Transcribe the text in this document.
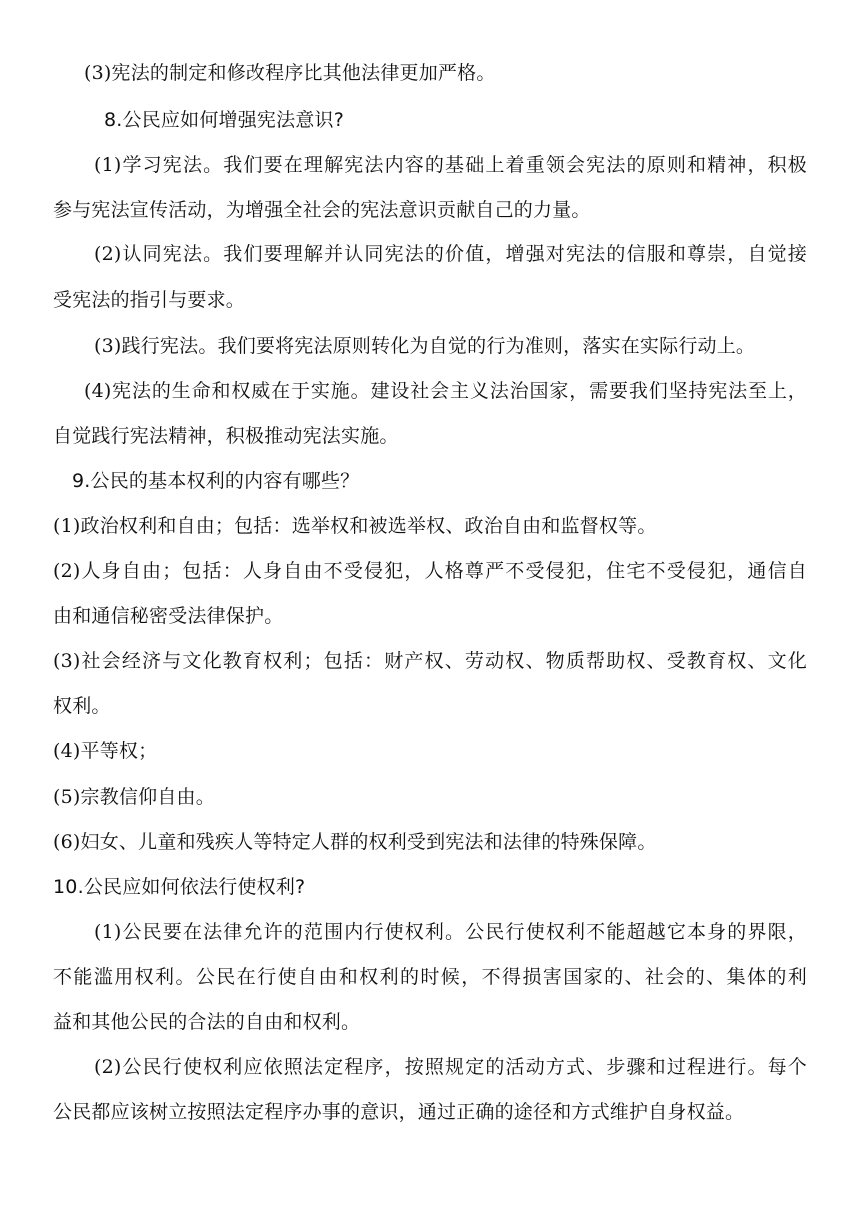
(3)宪法的制定和修改程序比其他法律更加严格。
8.公民应如何增强宪法意识?
(1)学习宪法。我们要在理解宪法内容的基础上着重领会宪法的原则和精神，积极
参与宪法宣传活动，为增强全社会的宪法意识贡献自己的力量。
(2)认同宪法。我们要理解并认同宪法的价值，增强对宪法的信服和尊崇，自觉接
受宪法的指引与要求。
(3)践行宪法。我们要将宪法原则转化为自觉的行为准则，落实在实际行动上。
(4)宪法的生命和权威在于实施。建设社会主义法治国家，需要我们坚持宪法至上，
自觉践行宪法精神，积极推动宪法实施。
9.公民的基本权利的内容有哪些？
(1)政治权利和自由；包括：选举权和被选举权、政治自由和监督权等。
(2)人身自由；包括：人身自由不受侵犯，人格尊严不受侵犯，住宅不受侵犯，通信自
由和通信秘密受法律保护。
(3)社会经济与文化教育权利；包括：财产权、劳动权、物质帮助权、受教育权、文化
权利。
(4)平等权；
(5)宗教信仰自由。
(6)妇女、儿童和残疾人等特定人群的权利受到宪法和法律的特殊保障。
10.公民应如何依法行使权利?
(1)公民要在法律允许的范围内行使权利。公民行使权利不能超越它本身的界限，
不能滥用权利。公民在行使自由和权利的时候，不得损害国家的、社会的、集体的利
益和其他公民的合法的自由和权利。
(2)公民行使权利应依照法定程序，按照规定的活动方式、步骤和过程进行。每个
公民都应该树立按照法定程序办事的意识，通过正确的途径和方式维护自身权益。
